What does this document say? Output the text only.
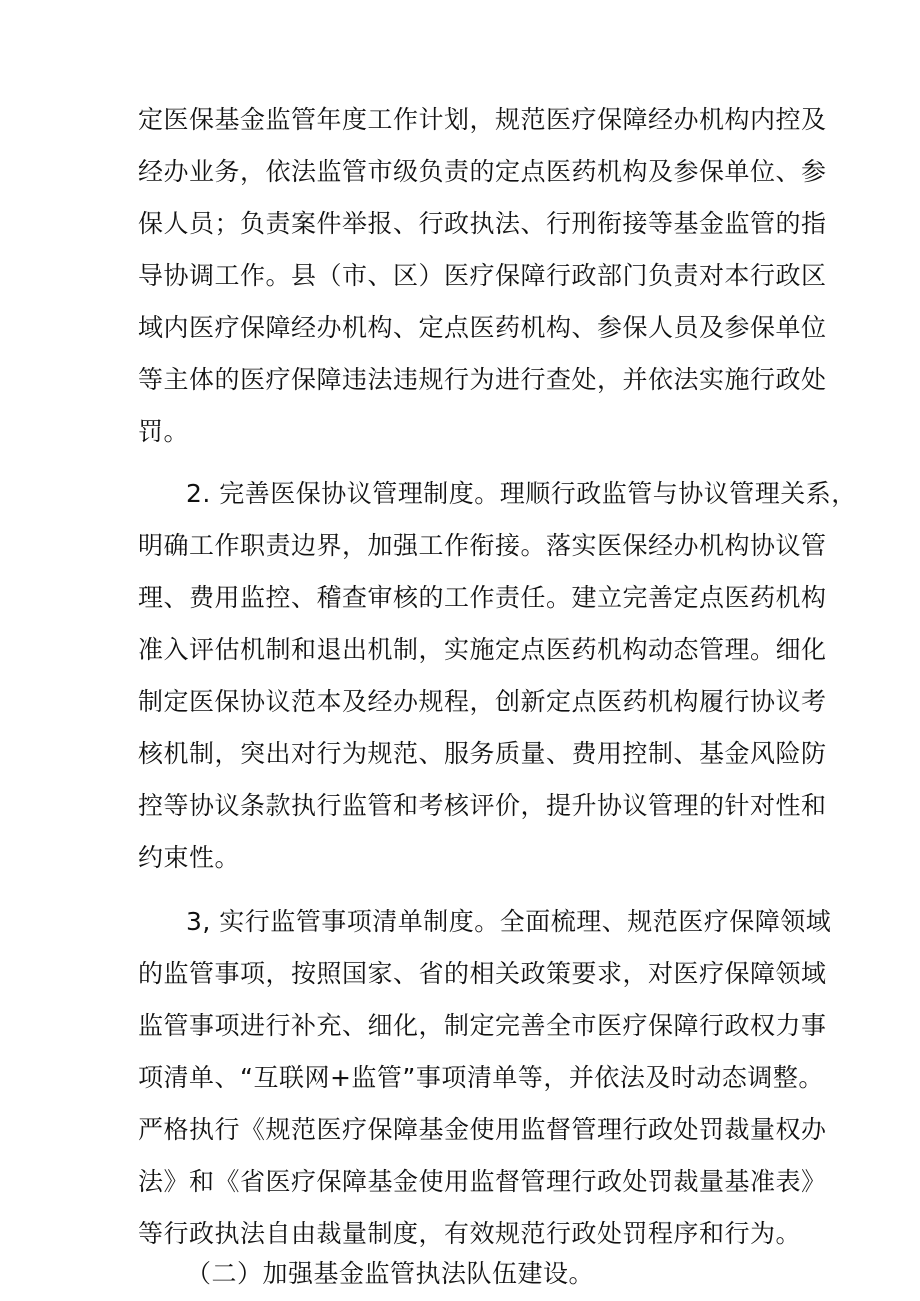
定医保基金监管年度工作计划，规范医疗保障经办机构内控及
经办业务，依法监管市级负责的定点医药机构及参保单位、参
保人员；负责案件举报、行政执法、行刑衔接等基金监管的指
导协调工作。县（市、区）医疗保障行政部门负责对本行政区
域内医疗保障经办机构、定点医药机构、参保人员及参保单位
等主体的医疗保障违法违规行为进行查处，并依法实施行政处
罚。
2. 完善医保协议管理制度。理顺行政监管与协议管理关系，
明确工作职责边界，加强工作衔接。落实医保经办机构协议管
理、费用监控、稽查审核的工作责任。建立完善定点医药机构
准入评估机制和退出机制，实施定点医药机构动态管理。细化
制定医保协议范本及经办规程，创新定点医药机构履行协议考
核机制，突出对行为规范、服务质量、费用控制、基金风险防
控等协议条款执行监管和考核评价，提升协议管理的针对性和
约束性。
3, 实行监管事项清单制度。全面梳理、规范医疗保障领域
的监管事项，按照国家、省的相关政策要求，对医疗保障领域
监管事项进行补充、细化，制定完善全市医疗保障行政权力事
项清单、“互联网+监管”事项清单等，并依法及时动态调整。
严格执行《规范医疗保障基金使用监督管理行政处罚裁量权办
法》和《省医疗保障基金使用监督管理行政处罚裁量基准表》
等行政执法自由裁量制度，有效规范行政处罚程序和行为。
（二）加强基金监管执法队伍建设。
